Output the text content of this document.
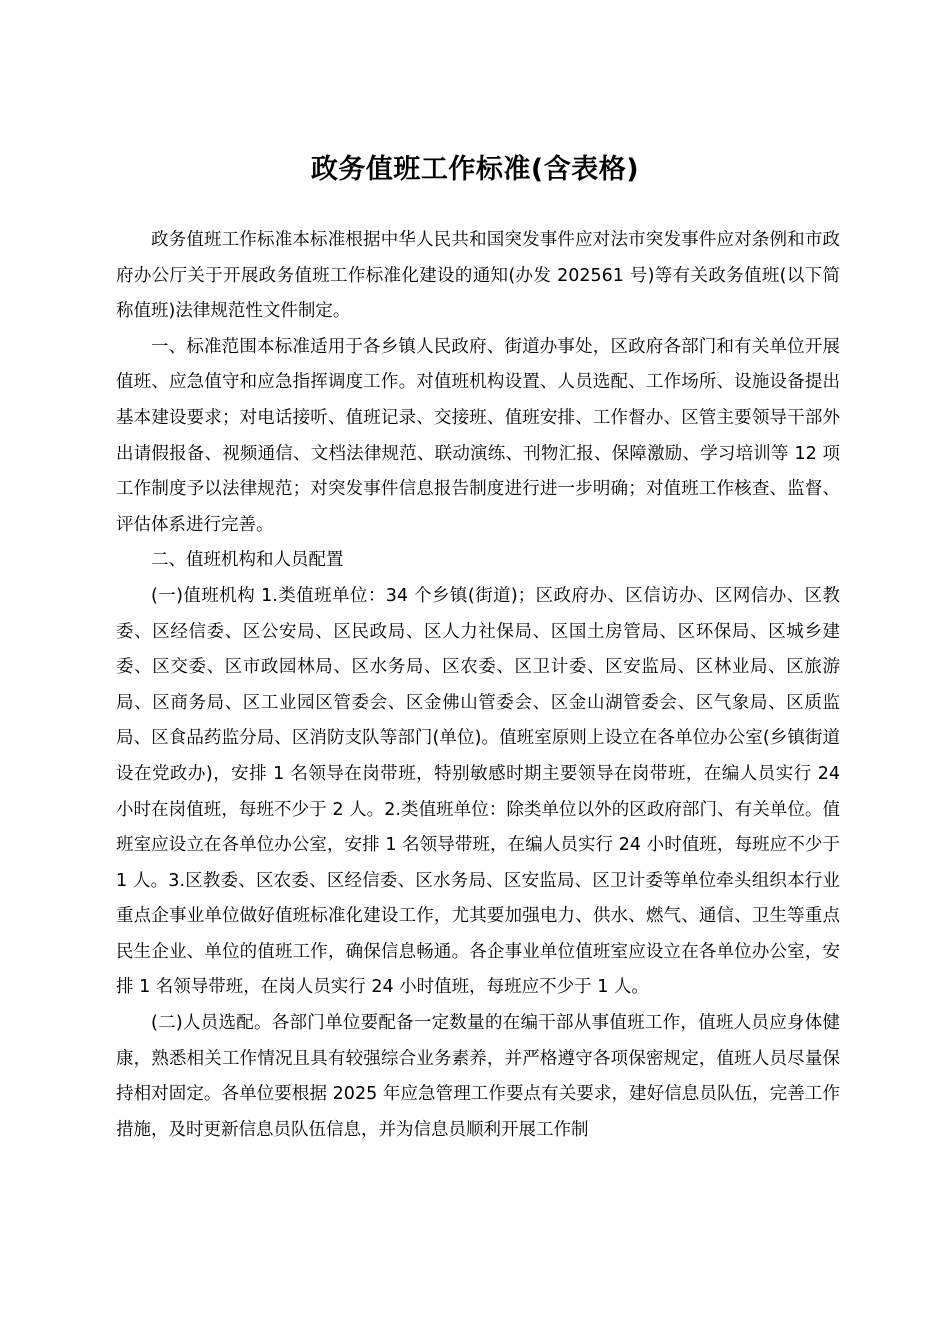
政务值班工作标准(含表格)

政务值班工作标准本标准根据中华人民共和国突发事件应对法市突发事件应对条例和市政府办公厅关于开展政务值班工作标准化建设的通知(办发 202561 号)等有关政务值班(以下简称值班)法律规范性文件制定。

一、标准范围本标准适用于各乡镇人民政府、街道办事处，区政府各部门和有关单位开展值班、应急值守和应急指挥调度工作。对值班机构设置、人员选配、工作场所、设施设备提出基本建设要求；对电话接听、值班记录、交接班、值班安排、工作督办、区管主要领导干部外出请假报备、视频通信、文档法律规范、联动演练、刊物汇报、保障激励、学习培训等 12 项工作制度予以法律规范；对突发事件信息报告制度进行进一步明确；对值班工作核查、监督、评估体系进行完善。

二、值班机构和人员配置

(一)值班机构 1.类值班单位：34 个乡镇(街道)；区政府办、区信访办、区网信办、区教委、区经信委、区公安局、区民政局、区人力社保局、区国土房管局、区环保局、区城乡建委、区交委、区市政园林局、区水务局、区农委、区卫计委、区安监局、区林业局、区旅游局、区商务局、区工业园区管委会、区金佛山管委会、区金山湖管委会、区气象局、区质监局、区食品药监分局、区消防支队等部门(单位)。值班室原则上设立在各单位办公室(乡镇街道设在党政办)，安排 1 名领导在岗带班，特别敏感时期主要领导在岗带班，在编人员实行 24 小时在岗值班，每班不少于 2 人。2.类值班单位：除类单位以外的区政府部门、有关单位。值班室应设立在各单位办公室，安排 1 名领导带班，在编人员实行 24 小时值班，每班应不少于 1 人。3.区教委、区农委、区经信委、区水务局、区安监局、区卫计委等单位牵头组织本行业重点企事业单位做好值班标准化建设工作，尤其要加强电力、供水、燃气、通信、卫生等重点民生企业、单位的值班工作，确保信息畅通。各企事业单位值班室应设立在各单位办公室，安排 1 名领导带班，在岗人员实行 24 小时值班，每班应不少于 1 人。

(二)人员选配。各部门单位要配备一定数量的在编干部从事值班工作，值班人员应身体健康，熟悉相关工作情况且具有较强综合业务素养，并严格遵守各项保密规定，值班人员尽量保持相对固定。各单位要根据 2025 年应急管理工作要点有关要求，建好信息员队伍，完善工作措施，及时更新信息员队伍信息，并为信息员顺利开展工作制
